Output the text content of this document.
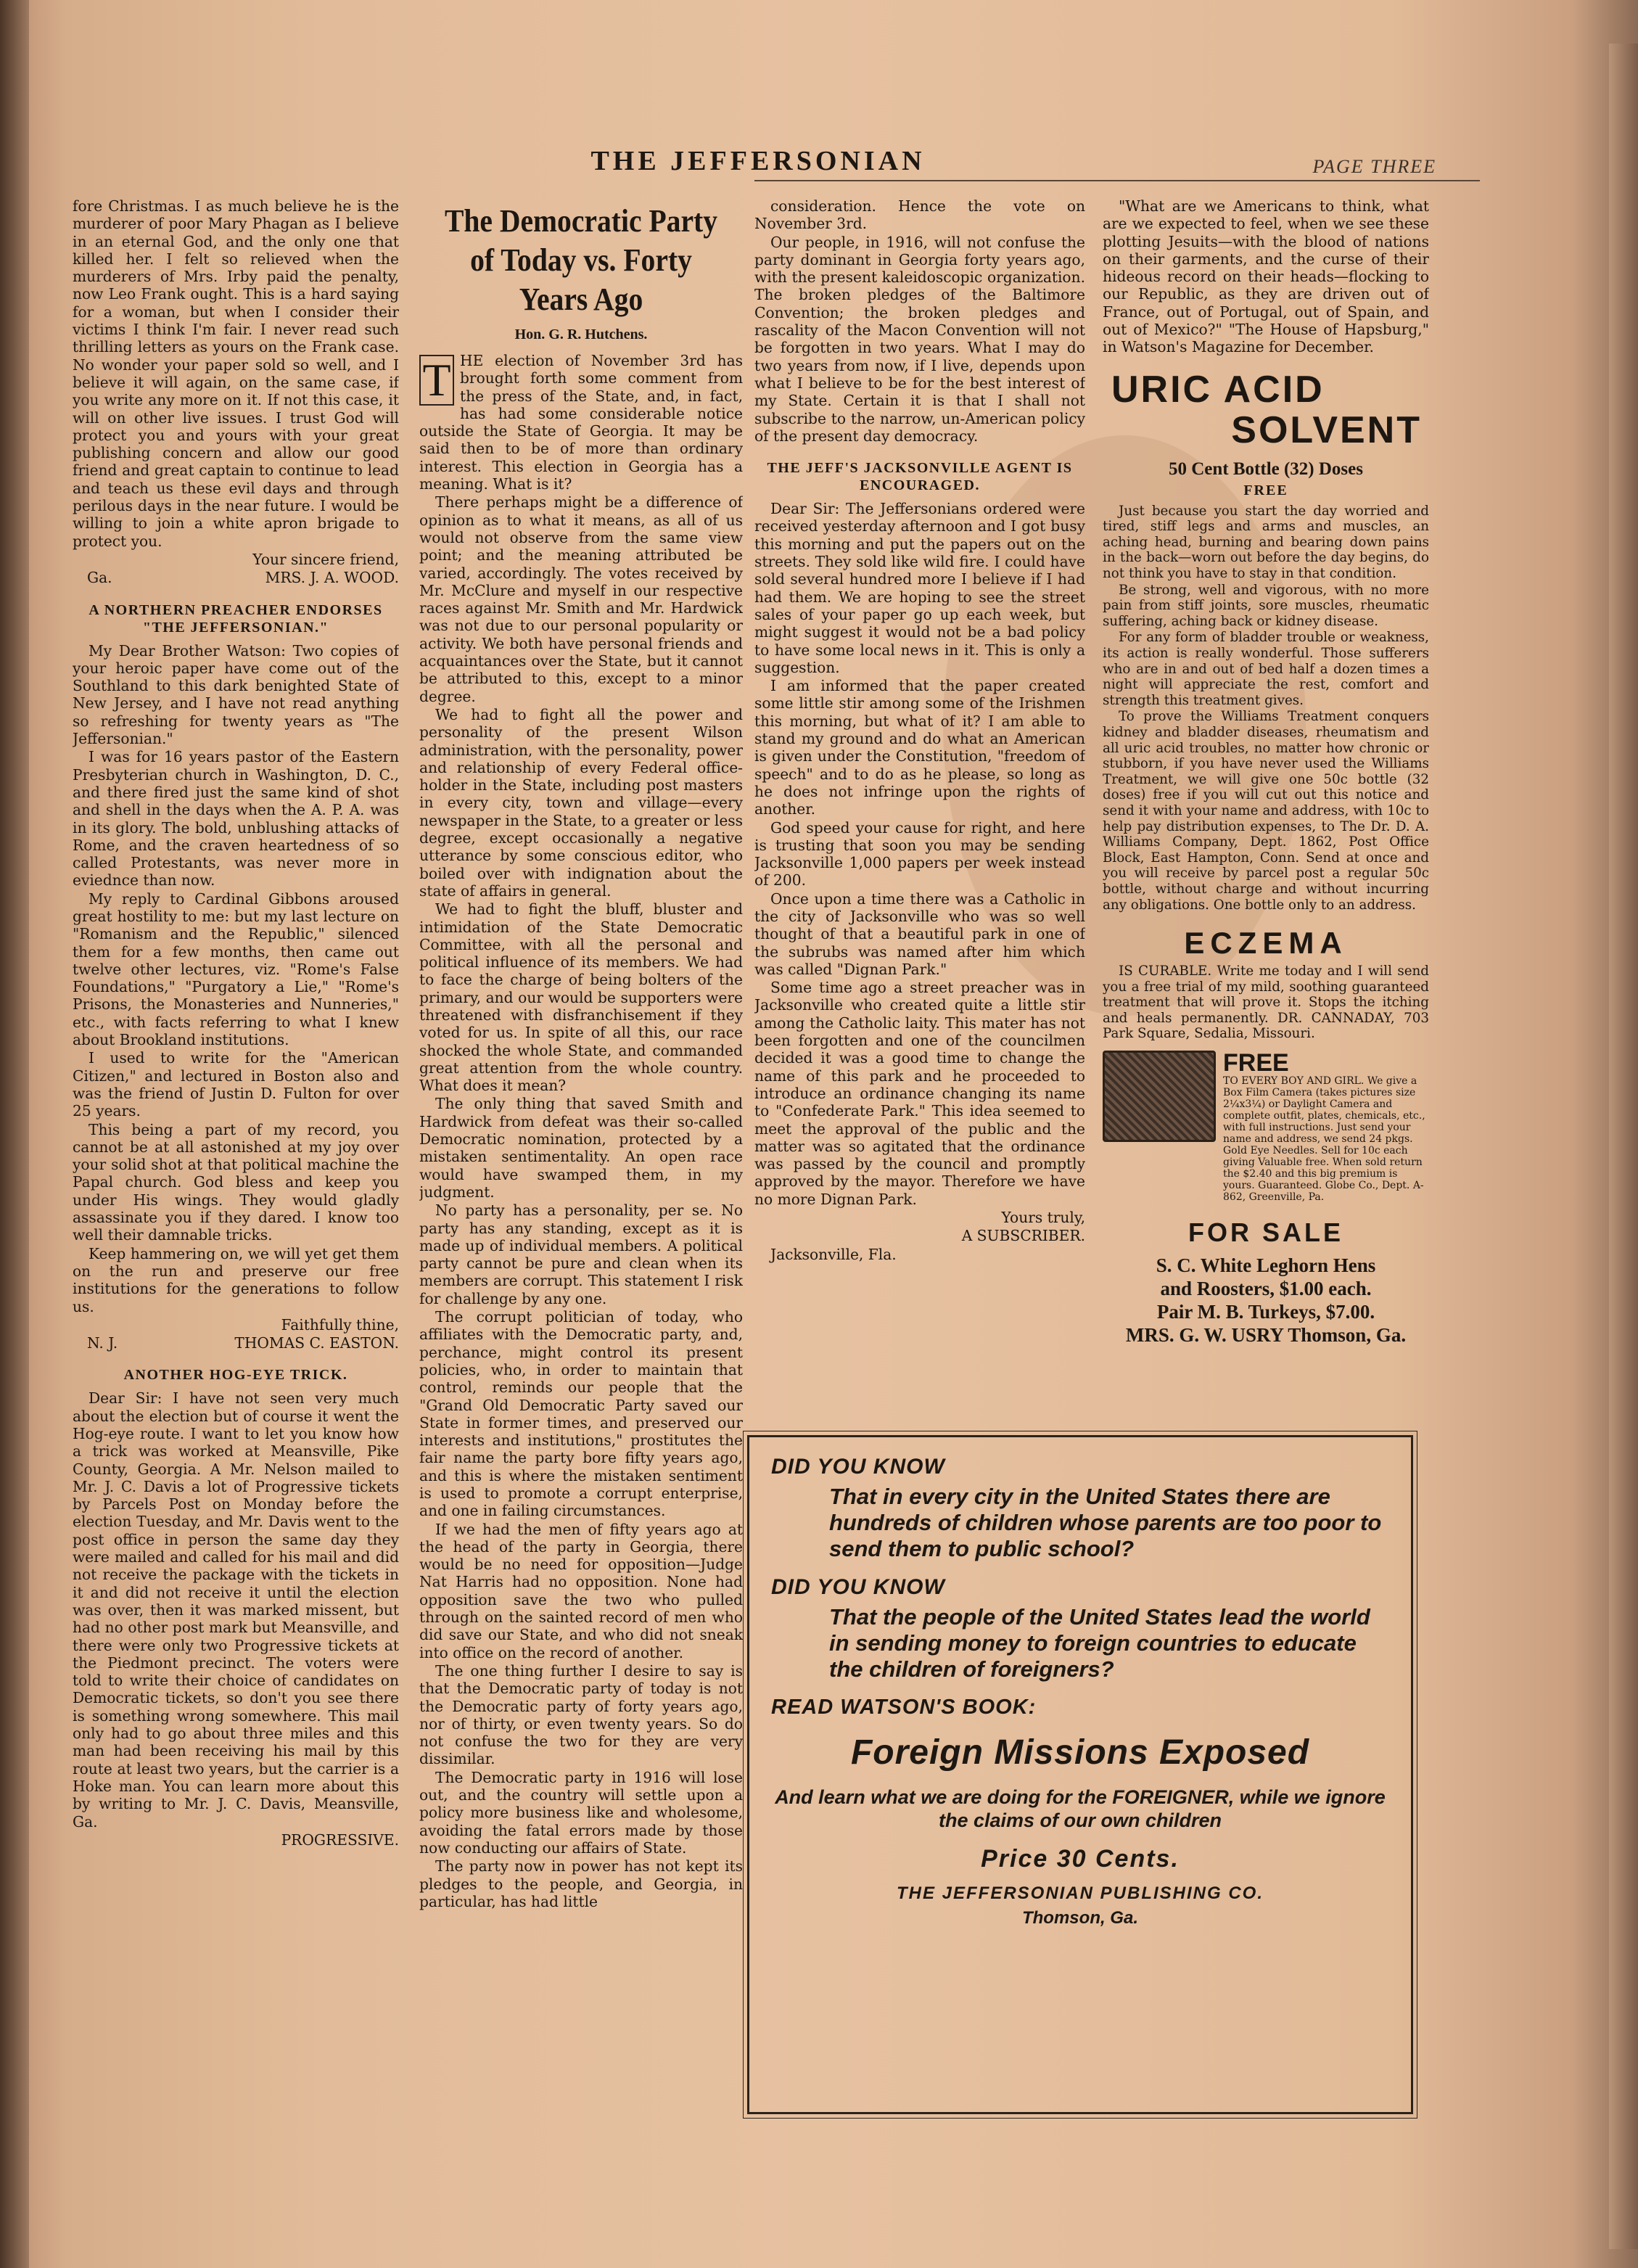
THE JEFFERSONIAN	PAGE THREE

fore Christmas. I as much believe he is the murderer of poor Mary Phagan as I believe in an eternal God, and the only one that killed her. I felt so relieved when the murderers of Mrs. Irby paid the penalty, now Leo Frank ought. This is a hard saying for a woman, but when I consider their victims I think I'm fair. I never read such thrilling letters as yours on the Frank case. No wonder your paper sold so well, and I believe it will again, on the same case, if you write any more on it. If not this case, it will on other live issues. I trust God will protect you and yours with your great publishing concern and allow our good friend and great captain to continue to lead and teach us these evil days and through perilous days in the near future. I would be willing to join a white apron brigade to protect you.

Your sincere friend,

Ga.	MRS. J. A. WOOD.

A NORTHERN PREACHER ENDORSES "THE JEFFERSONIAN."

My Dear Brother Watson: Two copies of your heroic paper have come out of the Southland to this dark benighted State of New Jersey, and I have not read anything so refreshing for twenty years as "The Jeffersonian."

I was for 16 years pastor of the Eastern Presbyterian church in Washington, D. C., and there fired just the same kind of shot and shell in the days when the A. P. A. was in its glory. The bold, unblushing attacks of Rome, and the craven heartedness of so called Protestants, was never more in eviednce than now.

My reply to Cardinal Gibbons aroused great hostility to me: but my last lecture on "Romanism and the Republic," silenced them for a few months, then came out twelve other lectures, viz. "Rome's False Foundations," "Purgatory a Lie," "Rome's Prisons, the Monasteries and Nunneries," etc., with facts referring to what I knew about Brookland institutions.

I used to write for the "American Citizen," and lectured in Boston also and was the friend of Justin D. Fulton for over 25 years.

This being a part of my record, you cannot be at all astonished at my joy over your solid shot at that political machine the Papal church. God bless and keep you under His wings. They would gladly assassinate you if they dared. I know too well their damnable tricks.

Keep hammering on, we will yet get them on the run and preserve our free institutions for the generations to follow us.

Faithfully thine,

N. J.	THOMAS C. EASTON.

ANOTHER HOG-EYE TRICK.

Dear Sir: I have not seen very much about the election but of course it went the Hog-eye route. I want to let you know how a trick was worked at Meansville, Pike County, Georgia. A Mr. Nelson mailed to Mr. J. C. Davis a lot of Progressive tickets by Parcels Post on Monday before the election Tuesday, and Mr. Davis went to the post office in person the same day they were mailed and called for his mail and did not receive the package with the tickets in it and did not receive it until the election was over, then it was marked missent, but had no other post mark but Meansville, and there were only two Progressive tickets at the Piedmont precinct. The voters were told to write their choice of candidates on Democratic tickets, so don't you see there is something wrong somewhere. This mail only had to go about three miles and this man had been receiving his mail by this route at least two years, but the carrier is a Hoke man. You can learn more about this by writing to Mr. J. C. Davis, Meansville, Ga.

PROGRESSIVE.

The Democratic Party of Today vs. Forty Years Ago
Hon. G. R. Hutchens.

T HE election of November 3rd has brought forth some comment from the press of the State, and, in fact, has had some considerable notice outside the State of Georgia. It may be said then to be of more than ordinary interest. This election in Georgia has a meaning. What is it?

There perhaps might be a difference of opinion as to what it means, as all of us would not observe from the same view point; and the meaning attributed be varied, accordingly. The votes received by Mr. McClure and myself in our respective races against Mr. Smith and Mr. Hardwick was not due to our personal popularity or activity. We both have personal friends and acquaintances over the State, but it cannot be attributed to this, except to a minor degree.

We had to fight all the power and personality of the present Wilson administration, with the personality, power and relationship of every Federal office-holder in the State, including post masters in every city, town and village—every newspaper in the State, to a greater or less degree, except occasionally a negative utterance by some conscious editor, who boiled over with indignation about the state of affairs in general.

We had to fight the bluff, bluster and intimidation of the State Democratic Committee, with all the personal and political influence of its members. We had to face the charge of being bolters of the primary, and our would be supporters were threatened with disfranchisement if they voted for us. In spite of all this, our race shocked the whole State, and commanded great attention from the whole country. What does it mean?

The only thing that saved Smith and Hardwick from defeat was their so-called Democratic nomination, protected by a mistaken sentimentality. An open race would have swamped them, in my judgment.

No party has a personality, per se. No party has any standing, except as it is made up of individual members. A political party cannot be pure and clean when its members are corrupt. This statement I risk for challenge by any one.

The corrupt politician of today, who affiliates with the Democratic party, and, perchance, might control its present policies, who, in order to maintain that control, reminds our people that the "Grand Old Democratic Party saved our State in former times, and preserved our interests and institutions," prostitutes the fair name the party bore fifty years ago, and this is where the mistaken sentiment is used to promote a corrupt enterprise, and one in failing circumstances.

If we had the men of fifty years ago at the head of the party in Georgia, there would be no need for opposition—Judge Nat Harris had no opposition. None had opposition save the two who pulled through on the sainted record of men who did save our State, and who did not sneak into office on the record of another.

The one thing further I desire to say is that the Democratic party of today is not the Democratic party of forty years ago, nor of thirty, or even twenty years. So do not confuse the two for they are very dissimilar.

The Democratic party in 1916 will lose out, and the country will settle upon a policy more business like and wholesome, avoiding the fatal errors made by those now conducting our affairs of State.

The party now in power has not kept its pledges to the people, and Georgia, in particular, has had little

consideration. Hence the vote on November 3rd.

Our people, in 1916, will not confuse the party dominant in Georgia forty years ago, with the present kaleidoscopic organization. The broken pledges of the Baltimore Convention; the broken pledges and rascality of the Macon Convention will not be forgotten in two years. What I may do two years from now, if I live, depends upon what I believe to be for the best interest of my State. Certain it is that I shall not subscribe to the narrow, un-American policy of the present day democracy.

THE JEFF'S JACKSONVILLE AGENT IS ENCOURAGED.

Dear Sir: The Jeffersonians ordered were received yesterday afternoon and I got busy this morning and put the papers out on the streets. They sold like wild fire. I could have sold several hundred more I believe if I had had them. We are hoping to see the street sales of your paper go up each week, but might suggest it would not be a bad policy to have some local news in it. This is only a suggestion.

I am informed that the paper created some little stir among some of the Irishmen this morning, but what of it? I am able to stand my ground and do what an American is given under the Constitution, "freedom of speech" and to do as he please, so long as he does not infringe upon the rights of another.

God speed your cause for right, and here is trusting that soon you may be sending Jacksonville 1,000 papers per week instead of 200.

Once upon a time there was a Catholic in the city of Jacksonville who was so well thought of that a beautiful park in one of the subrubs was named after him which was called "Dignan Park."

Some time ago a street preacher was in Jacksonville who created quite a little stir among the Catholic laity. This mater has not been forgotten and one of the councilmen decided it was a good time to change the name of this park and he proceeded to introduce an ordinance changing its name to "Confederate Park." This idea seemed to meet the approval of the public and the matter was so agitated that the ordinance was passed by the council and promptly approved by the mayor. Therefore we have no more Dignan Park.

Yours truly,

A SUBSCRIBER.

Jacksonville, Fla.

"What are we Americans to think, what are we expected to feel, when we see these plotting Jesuits—with the blood of nations on their garments, and the curse of their hideous record on their heads—flocking to our Republic, as they are driven out of France, out of Portugal, out of Spain, and out of Mexico?" "The House of Hapsburg," in Watson's Magazine for December.

URIC ACID
SOLVENT
50 Cent Bottle (32) Doses
FREE

Just because you start the day worried and tired, stiff legs and arms and muscles, an aching head, burning and bearing down pains in the back—worn out before the day begins, do not think you have to stay in that condition.

Be strong, well and vigorous, with no more pain from stiff joints, sore muscles, rheumatic suffering, aching back or kidney disease.

For any form of bladder trouble or weakness, its action is really wonderful. Those sufferers who are in and out of bed half a dozen times a night will appreciate the rest, comfort and strength this treatment gives.

To prove the Williams Treatment conquers kidney and bladder diseases, rheumatism and all uric acid troubles, no matter how chronic or stubborn, if you have never used the Williams Treatment, we will give one 50c bottle (32 doses) free if you will cut out this notice and send it with your name and address, with 10c to help pay distribution expenses, to The Dr. D. A. Williams Company, Dept. 1862, Post Office Block, East Hampton, Conn. Send at once and you will receive by parcel post a regular 50c bottle, without charge and without incurring any obligations. One bottle only to an address.

ECZEMA

IS CURABLE. Write me today and I will send you a free trial of my mild, soothing guaranteed treatment that will prove it. Stops the itching and heals permanently. DR. CANNADAY, 703 Park Square, Sedalia, Missouri.

FREE
TO EVERY BOY AND GIRL. We give a Box Film Camera (takes pictures size 2¼x3¼) or Daylight Camera and complete outfit, plates, chemicals, etc., with full instructions. Just send your name and address, we send 24 pkgs. Gold Eye Needles. Sell for 10c each giving Valuable free. When sold return the $2.40 and this big premium is yours. Guaranteed. Globe Co., Dept. A-862, Greenville, Pa.
FOR SALE
S. C. White Leghorn Hens
and Roosters, $1.00 each.
Pair M. B. Turkeys, $7.00.
MRS. G. W. USRY Thomson, Ga.
DID YOU KNOW
That in every city in the United States there are hundreds of children whose parents are too poor to send them to public school?
DID YOU KNOW
That the people of the United States lead the world in sending money to foreign countries to educate the children of foreigners?
READ WATSON'S BOOK:
Foreign Missions Exposed
And learn what we are doing for the FOREIGNER, while we ignore the claims of our own children
Price 30 Cents.
THE JEFFERSONIAN PUBLISHING CO.
Thomson, Ga.
